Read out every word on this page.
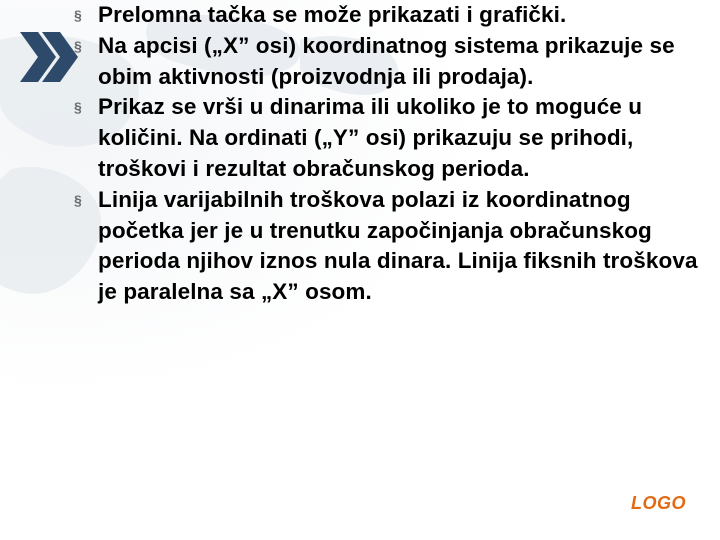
§ Prelomna tačka se može prikazati i grafički.
§ Na apcisi („X” osi) koordinatnog sistema prikazuje se obim aktivnosti (proizvodnja ili prodaja).
§ Prikaz se vrši u dinarima ili ukoliko je to moguće u količini. Na ordinati („Y” osi) prikazuju se prihodi, troškovi i rezultat obračunskog perioda.
§ Linija varijabilnih troškova polazi iz koordinatnog početka jer je u trenutku započinjanja obračunskog perioda njihov iznos nula dinara. Linija fiksnih troškova je paralelna sa „X” osom.
LOGO
